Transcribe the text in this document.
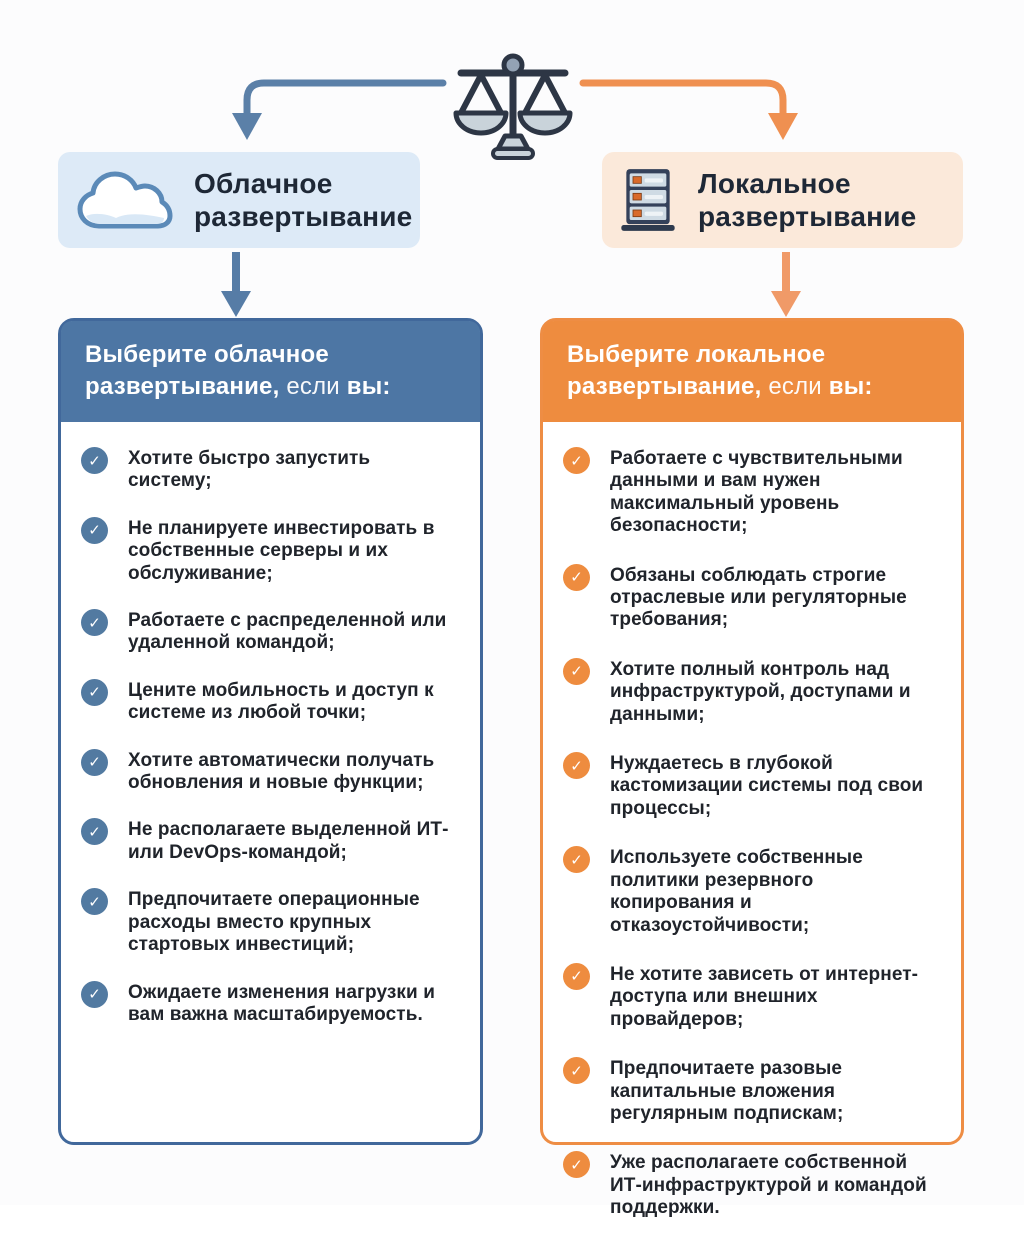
Облачное развертывание
Локальное развертывание
Выберите облачное развертывание, если вы:
✓	Хотите быстро запустить систему;
✓	Не планируете инвестировать в собственные серверы и их обслуживание;
✓	Работаете с распределенной или удаленной командой;
✓	Цените мобильность и доступ к системе из любой точки;
✓	Хотите автоматически получать обновления и новые функции;
✓	Не располагаете выделенной ИТ- или DevOps-командой;
✓	Предпочитаете операционные расходы вместо крупных стартовых инвестиций;
✓	Ожидаете изменения нагрузки и вам важна масштабируемость.
Выберите локальное развертывание, если вы:
✓	Работаете с чувствительными данными и вам нужен максимальный уровень безопасности;
✓	Обязаны соблюдать строгие отраслевые или регуляторные требования;
✓	Хотите полный контроль над инфраструктурой, доступами и данными;
✓	Нуждаетесь в глубокой кастомизации системы под свои процессы;
✓	Используете собственные политики резервного копирования и отказоустойчивости;
✓	Не хотите зависеть от интернет-доступа или внешних провайдеров;
✓	Предпочитаете разовые капитальные вложения регулярным подпискам;
✓	Уже располагаете собственной ИТ-инфраструктурой и командой поддержки.
